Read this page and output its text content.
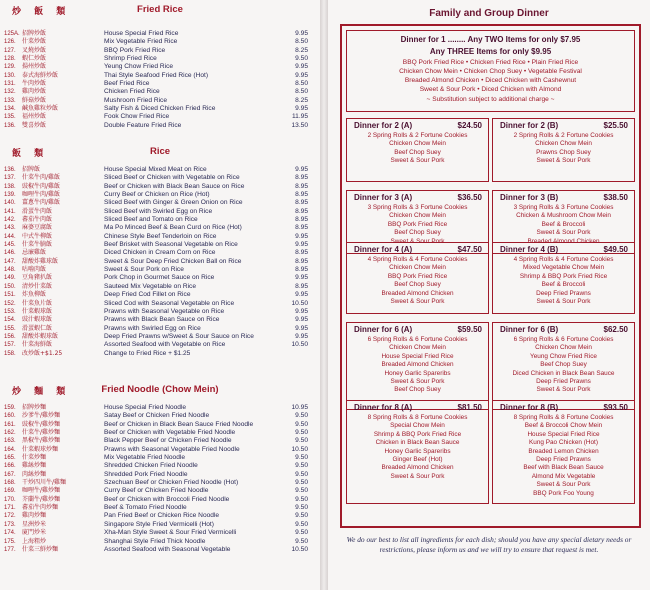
炒 飯 類	Fried Rice
125A. 招牌炒飯	House Special Fried Rice	9.95
126. 什菜炒飯	Mix Vegetable Fried Rice	8.50
127. 叉燒炒飯	BBQ Pork Fried Rice	8.25
128. 蝦仁炒飯	Shrimp Fried Rice	9.50
129. 揚州炒飯	Yeung Chow Fried Rice	9.95
130. 泰式海鮮炒飯	Thai Style Seafood Fried Rice (Hot)	9.95
131. 牛肉炒飯	Beef Fried Rice	8.50
132. 雞肉炒飯	Chicken Fried Rice	8.50
133. 鮮菇炒飯	Mushroom Fried Rice	8.25
134. 鹹魚雞粒炒飯	Salty Fish & Diced Chicken Fried Rice	9.95
135. 福州炒飯	Fook Chow Fried Rice	11.95
136. 雙喜炒飯	Double Feature Fried Rice	13.50
飯 類	Rice
136. 招牌飯	House Special Mixed Meat on Rice	9.95
137. 什菜牛肉/雞飯	Sliced Beef or Chicken with Vegetable on Rice	8.95
138. 豉椒牛肉/雞飯	Beef or Chicken with Black Bean Sauce on Rice	8.95
139. 咖哩牛肉/雞飯	Curry Beef or Chicken on Rice (Hot)	8.95
140. 薑蔥牛肉/雞飯	Sliced Beef with Ginger & Green Onion on Rice	8.95
141. 滑蛋牛肉飯	Sliced Beef with Swirled Egg on Rice	8.95
142. 蕃茄牛肉飯	Sliced Beef and Tomato on Rice	8.95
143. 麻婆豆腐飯	Ma Po Minced Beef & Bean Curd on Rice (Hot)	8.95
144. 中式牛柳飯	Chinese Style Beef Tenderloin on Rice	9.95
145. 什菜牛腩飯	Beef Brisket with Seasonal Vegetable on Rice	9.95
146. 忌廉雞飯	Diced Chicken in Cream Corn on Rice	8.95
147. 甜酸炸雞球飯	Sweet & Sour Deep Fried Chicken Ball on Rice	8.95
148. 咕嚕肉飯	Sweet & Sour Pork on Rice	8.95
149. 豆角豬扒飯	Pork Chop in Gourmet Sauce on Rice	9.95
150. 清炒什菜飯	Sauteed Mix Vegetable on Rice	8.95
151. 炸魚柳飯	Deep Fried Cod Fillet on Rice	9.95
152. 什菜魚片飯	Sliced Cod with Seasonal Vegetable on Rice	10.50
153. 什菜蝦球飯	Prawns with Seasonal Vegetable on Rice	9.95
154. 豉汁蝦球飯	Prawns with Black Bean Sauce on Rice	9.95
155. 滑蛋蝦仁飯	Prawns with Swirled Egg on Rice	9.95
156. 甜酸炸蝦球飯	Deep Fried Prawns w/Sweet & Sour Sauce on Rice	9.95
157. 什菜海鮮飯	Assorted Seafood with Vegetable on Rice	10.50
158. 改炒飯+$1.25	Change to Fried Rice + $1.25
炒 麵 類	Fried Noodle (Chow Mein)
159. 招牌炒麵	House Special Fried Noodle	10.95
160. 沙爹牛/雞炒麵	Satay Beef or Chicken Fried Noodle	9.50
161. 豉椒牛/雞炒麵	Beef or Chicken in Black Bean Sauce Fried Noodle	9.50
162. 什菜牛/雞炒麵	Beef or Chicken with Vegetable Fried Noodle	9.50
163. 黑椒牛/雞炒麵	Black Pepper Beef or Chicken Fried Noodle	9.50
164. 什菜蝦球炒麵	Prawns with Seasonal Vegetable Fried Noodle	10.50
165. 什菜炒麵	Mix Vegetable Fried Noodle	9.50
166. 雞絲炒麵	Shredded Chicken Fried Noodle	9.50
167. 肉絲炒麵	Shredded Pork Fried Noodle	9.50
168. 干炒四川牛/雞麵	Szechuan Beef or Chicken Fried Noodle (Hot)	9.50
169. 咖哩牛/雞炒麵	Curry Beef or Chicken Fried Noodle	9.50
170. 芥蘭牛/雞炒麵	Beef or Chicken with Broccoli Fried Noodle	9.50
171. 蕃茄牛肉炒麵	Beef & Tomato Fried Noodle	9.50
172. 雞肉炒麵	Pan Fried Beef or Chicken Rice Noodle	9.50
173. 星洲炒米	Singapore Style Fried Vermicelli (Hot)	9.50
174. 廈門炒米	Xha-Man Style Sweet & Sour Fried Vermicelli	9.50
175. 上海粗炒	Shanghai Style Fried Thick Noodle	9.50
177. 什菜三鮮炒麵	Assorted Seafood with Seasonal Vegetable	10.50
Family and Group Dinner
Dinner for 1 ........ Any TWO Items for only $7.95
Any THREE Items for only $9.95
BBQ Pork Fried Rice • Chicken Fried Rice • Plain Fried Rice
Chicken Chow Mein • Chicken Chop Suey • Vegetable Festival
Breaded Almond Chicken • Diced Chicken with Cashewnut
Sweet & Sour Pork • Diced Chicken with Almond
~ Substitution subject to additional charge ~
Dinner for 2 (A)	$24.50
2 Spring Rolls & 2 Fortune Cookies
Chicken Chow Mein
Beef Chop Suey
Sweet & Sour Pork
Dinner for 2 (B)	$25.50
2 Spring Rolls & 2 Fortune Cookies
Chicken Chow Mein
Prawns Chop Suey
Sweet & Sour Pork
Dinner for 3 (A)	$36.50
3 Spring Rolls & 3 Fortune Cookies
Chicken Chow Mein
BBQ Pork Fried Rice
Beef Chop Suey
Sweet & Sour Pork
Dinner for 3 (B)	$38.50
3 Spring Rolls & 3 Fortune Cookies
Chicken & Mushroom Chow Mein
Beef & Broccoli
Sweet & Sour Pork
Breaded Almond Chicken
Dinner for 4 (A)	$47.50
4 Spring Rolls & 4 Fortune Cookies
Chicken Chow Mein
BBQ Pork Fried Rice
Beef Chop Suey
Breaded Almond Chicken
Sweet & Sour Pork
Dinner for 4 (B)	$49.50
4 Spring Rolls & 4 Fortune Cookies
Mixed Vegetable Chow Mein
Shrimp & BBQ Pork Fried Rice
Beef & Broccoli
Deep Fried Prawns
Sweet & Sour Pork
Dinner for 6 (A)	$59.50
6 Spring Rolls & 6 Fortune Cookies
Chicken Chow Mein
House Special Fried Rice
Breaded Almond Chicken
Honey Garlic Spareribs
Sweet & Sour Pork
Beef Chop Suey
Dinner for 6 (B)	$62.50
6 Spring Rolls & 6 Fortune Cookies
Chicken Chow Mein
Yeung Chow Fried Rice
Beef Chop Suey
Diced Chicken in Black Bean Sauce
Deep Fried Prawns
Sweet & Sour Pork
Dinner for 8 (A)	$81.50
8 Spring Rolls & 8 Fortune Cookies
Special Chow Mein
Shrimp & BBQ Pork Fried Rice
Chicken in Black Bean Sauce
Honey Garlic Spareribs
Ginger Beef (Hot)
Breaded Almond Chicken
Sweet & Sour Pork
Dinner for 8 (B)	$93.50
8 Spring Rolls & 8 Fortune Cookies
Beef & Broccoli Chow Mein
House Special Fried Rice
Kung Pao Chicken (Hot)
Breaded Lemon Chicken
Deep Fried Prawns
Beef with Black Bean Sauce
Almond Mix Vegetable
Sweet & Sour Pork
BBQ Pork Foo Young
We do our best to list all ingredients for each dish; should you have any special dietary needs or restrictions, please inform us and we will try to ensure that request is met.
